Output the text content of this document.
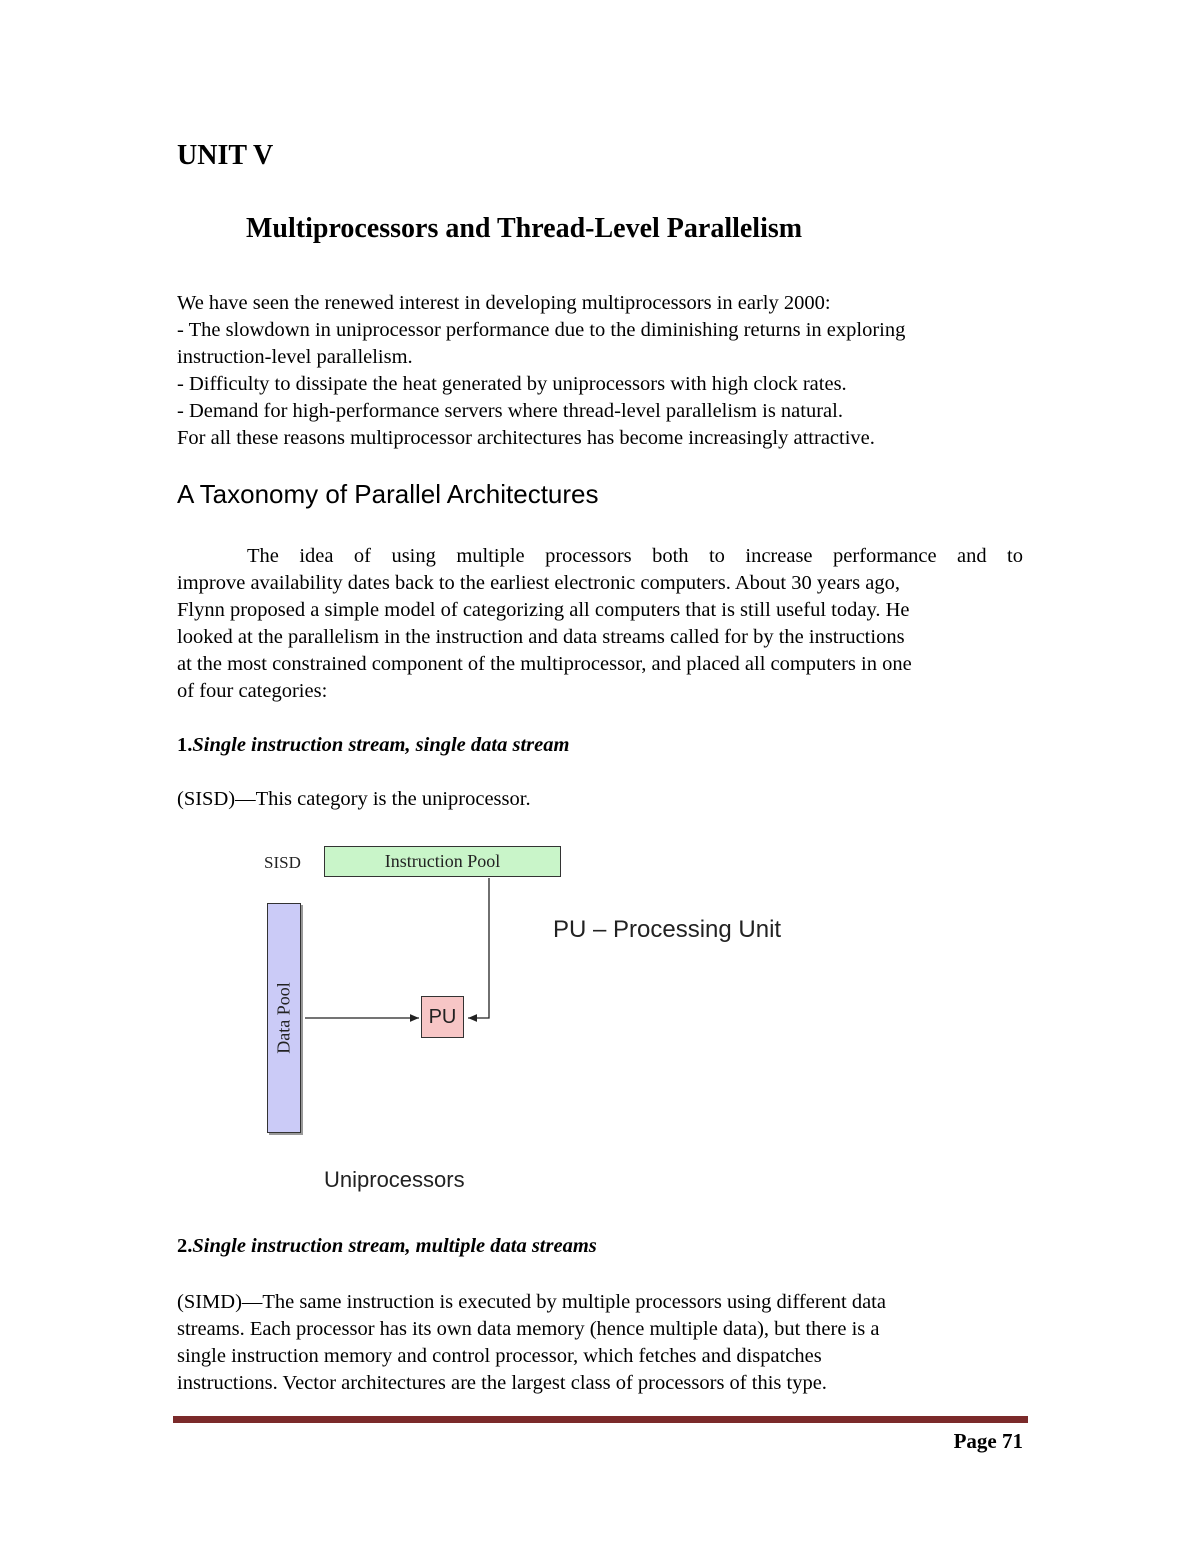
UNIT V
Multiprocessors and Thread-Level Parallelism
We have seen the renewed interest in developing multiprocessors in early 2000:
- The slowdown in uniprocessor performance due to the diminishing returns in exploring
instruction-level parallelism.
- Difficulty to dissipate the heat generated by uniprocessors with high clock rates.
- Demand for high-performance servers where thread-level parallelism is natural.
For all these reasons multiprocessor architectures has become increasingly attractive.
A Taxonomy of Parallel Architectures
The idea of using multiple processors both to increase performance and to
improve availability dates back to the earliest electronic computers. About 30 years ago,
Flynn proposed a simple model of categorizing all computers that is still useful today. He
looked at the parallelism in the instruction and data streams called for by the instructions
at the most constrained component of the multiprocessor, and placed all computers in one
of four categories:
1.Single instruction stream, single data stream
(SISD)—This category is the uniprocessor.
SISD	Instruction Pool
Data Pool	PU
PU – Processing Unit
Uniprocessors
2.Single instruction stream, multiple data streams
(SIMD)—The same instruction is executed by multiple processors using different data
streams. Each processor has its own data memory (hence multiple data), but there is a
single instruction memory and control processor, which fetches and dispatches
instructions. Vector architectures are the largest class of processors of this type.
Page 71
